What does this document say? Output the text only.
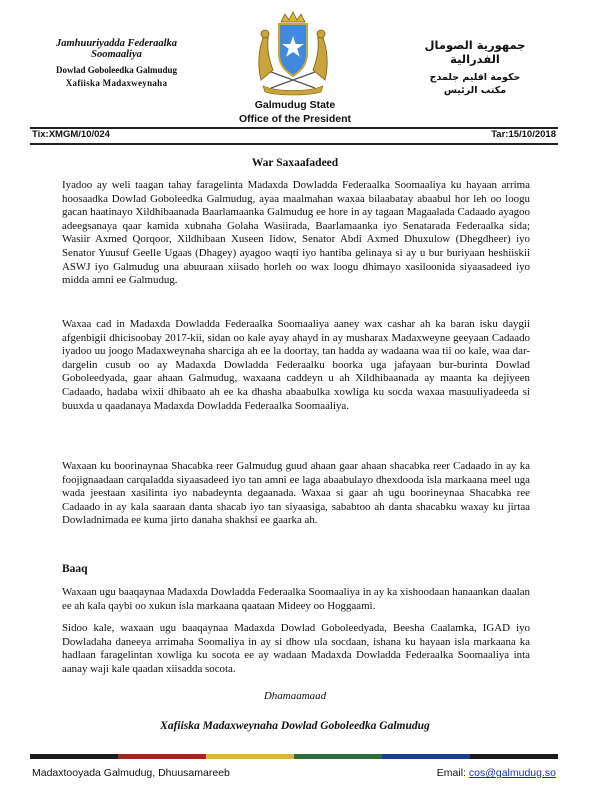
Jamhuuriyadda Federaalka Soomaaliya
Dowlad Goboleedka Galmudug
Xafiiska Madaxweynaha
جمهورية الصومال الفدرالية
حكومة اقليم جلمدج
مكتب الرئيس
Galmudug State
Office of the President
Tix:XMGM/10/024	Tar:15/10/2018
War Saxaafadeed

Iyadoo ay weli taagan tahay faragelinta Madaxda Dowladda Federaalka Soomaaliya ku hayaan arrima hoosaadka Dowlad Goboleedka Galmudug, ayaa maalmahan waxaa bilaabatay abaabul hor leh oo loogu gacan haatinayo Xildhibaanada Baarlamaanka Galmudug ee hore in ay tagaan Magaalada Cadaado ayagoo adeegsanaya qaar kamida xubnaha Golaha Wasiirada, Baarlamaanka iyo Senatarada Federaalka sida; Wasiir Axmed Qorqoor, Xildhibaan Xuseen Iidow, Senator Abdi Axmed Dhuxulow (Dhegdheer) iyo Senator Yuusuf Geelle Ugaas (Dhagey) ayagoo waqti iyo hantiba gelinaya si ay u bur buriyaan heshiiskii ASWJ iyo Galmudug una abuuraan xiisado horleh oo wax loogu dhimayo xasiloonida siyaasadeed iyo midda amni ee Galmudug.

Waxaa cad in Madaxda Dowladda Federaalka Soomaaliya aaney wax cashar ah ka baran isku daygii afgenbigii dhicisoobay 2017-kii, sidan oo kale ayay ahayd in ay musharax Madaxweyne geeyaan Cadaado iyadoo uu joogo Madaxweynaha sharciga ah ee la doortay, tan hadda ay wadaana waa tii oo kale, waa dar-dargelin cusub oo ay Madaxda Dowladda Federaalku boorka uga jafayaan bur-burinta Dowlad Goboleedyada, gaar ahaan Galmudug, waxaana caddeyn u ah Xildhibaanada ay maanta ka dejiyeen Cadaado, hadaba wixii dhibaato ah ee ka dhasha abaabulka xowliga ku socda waxaa masuuliyadeeda si buuxda u qaadanaya Madaxda Dowladda Federaalka Soomaaliya.

Waxaan ku boorinaynaa Shacabka reer Galmudug guud ahaan gaar ahaan shacabka reer Cadaado in ay ka foojignaadaan carqaladda siyaasadeed iyo tan amni ee laga abaabulayo dhexdooda isla markaana meel uga wada jeestaan xasilinta iyo nabadeynta degaanada. Waxaa si gaar ah ugu boorineynaa Shacabka ree Cadaado in ay kala saaraan danta shacab iyo tan siyaasiga, sababtoo ah danta shacabku waxay ku jirtaa Dowladnimada ee kuma jirto danaha shakhsi ee gaarka ah.

Baaq

Waxaan ugu baaqaynaa Madaxda Dowladda Federaalka Soomaaliya in ay ka xishoodaan hanaankan daalan ee ah kala qaybi oo xukun isla markaana qaataan Mideey oo Hoggaami.

Sidoo kale, waxaan ugu baaqaynaa Madaxda Dowlad Goboleedyada, Beesha Caalamka, IGAD iyo Dowladaha daneeya arrimaha Soomaliya in ay si dhow ula socdaan, ishana ku hayaan isla markaana ka hadlaan faragelintan xowliga ku socota ee ay wadaan Madaxda Dowladda Federaalka Soomaaliya inta aanay waji kale qaadan xiisadda socota.

Dhamaamaad
Xafiiska Madaxweynaha Dowlad Goboleedka Galmudug
Madaxtooyada Galmudug, Dhuusamareeb	Email: cos@galmudug.so
